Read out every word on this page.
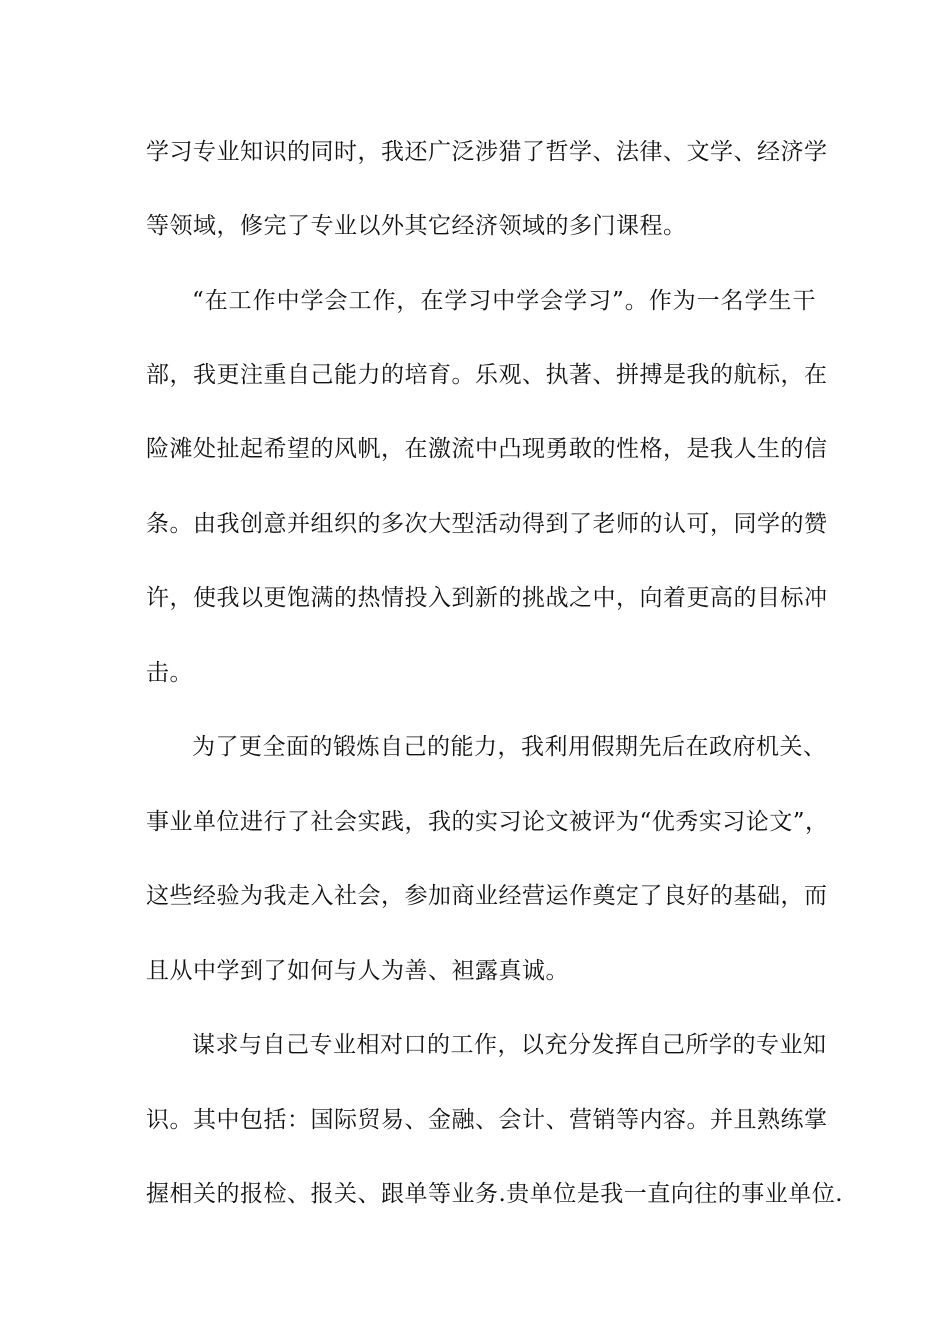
学习专业知识的同时，我还广泛涉猎了哲学、法律、文学、经济学
等领域，修完了专业以外其它经济领域的多门课程。
“在工作中学会工作，在学习中学会学习”。作为一名学生干
部，我更注重自己能力的培育。乐观、执著、拼搏是我的航标，在
险滩处扯起希望的风帆，在激流中凸现勇敢的性格，是我人生的信
条。由我创意并组织的多次大型活动得到了老师的认可，同学的赞
许，使我以更饱满的热情投入到新的挑战之中，向着更高的目标冲
击。
为了更全面的锻炼自己的能力，我利用假期先后在政府机关、
事业单位进行了社会实践，我的实习论文被评为“优秀实习论文”，
这些经验为我走入社会，参加商业经营运作奠定了良好的基础，而
且从中学到了如何与人为善、袒露真诚。
谋求与自己专业相对口的工作，以充分发挥自己所学的专业知
识。其中包括：国际贸易、金融、会计、营销等内容。并且熟练掌
握相关的报检、报关、跟单等业务.贵单位是我一直向往的事业单位.
